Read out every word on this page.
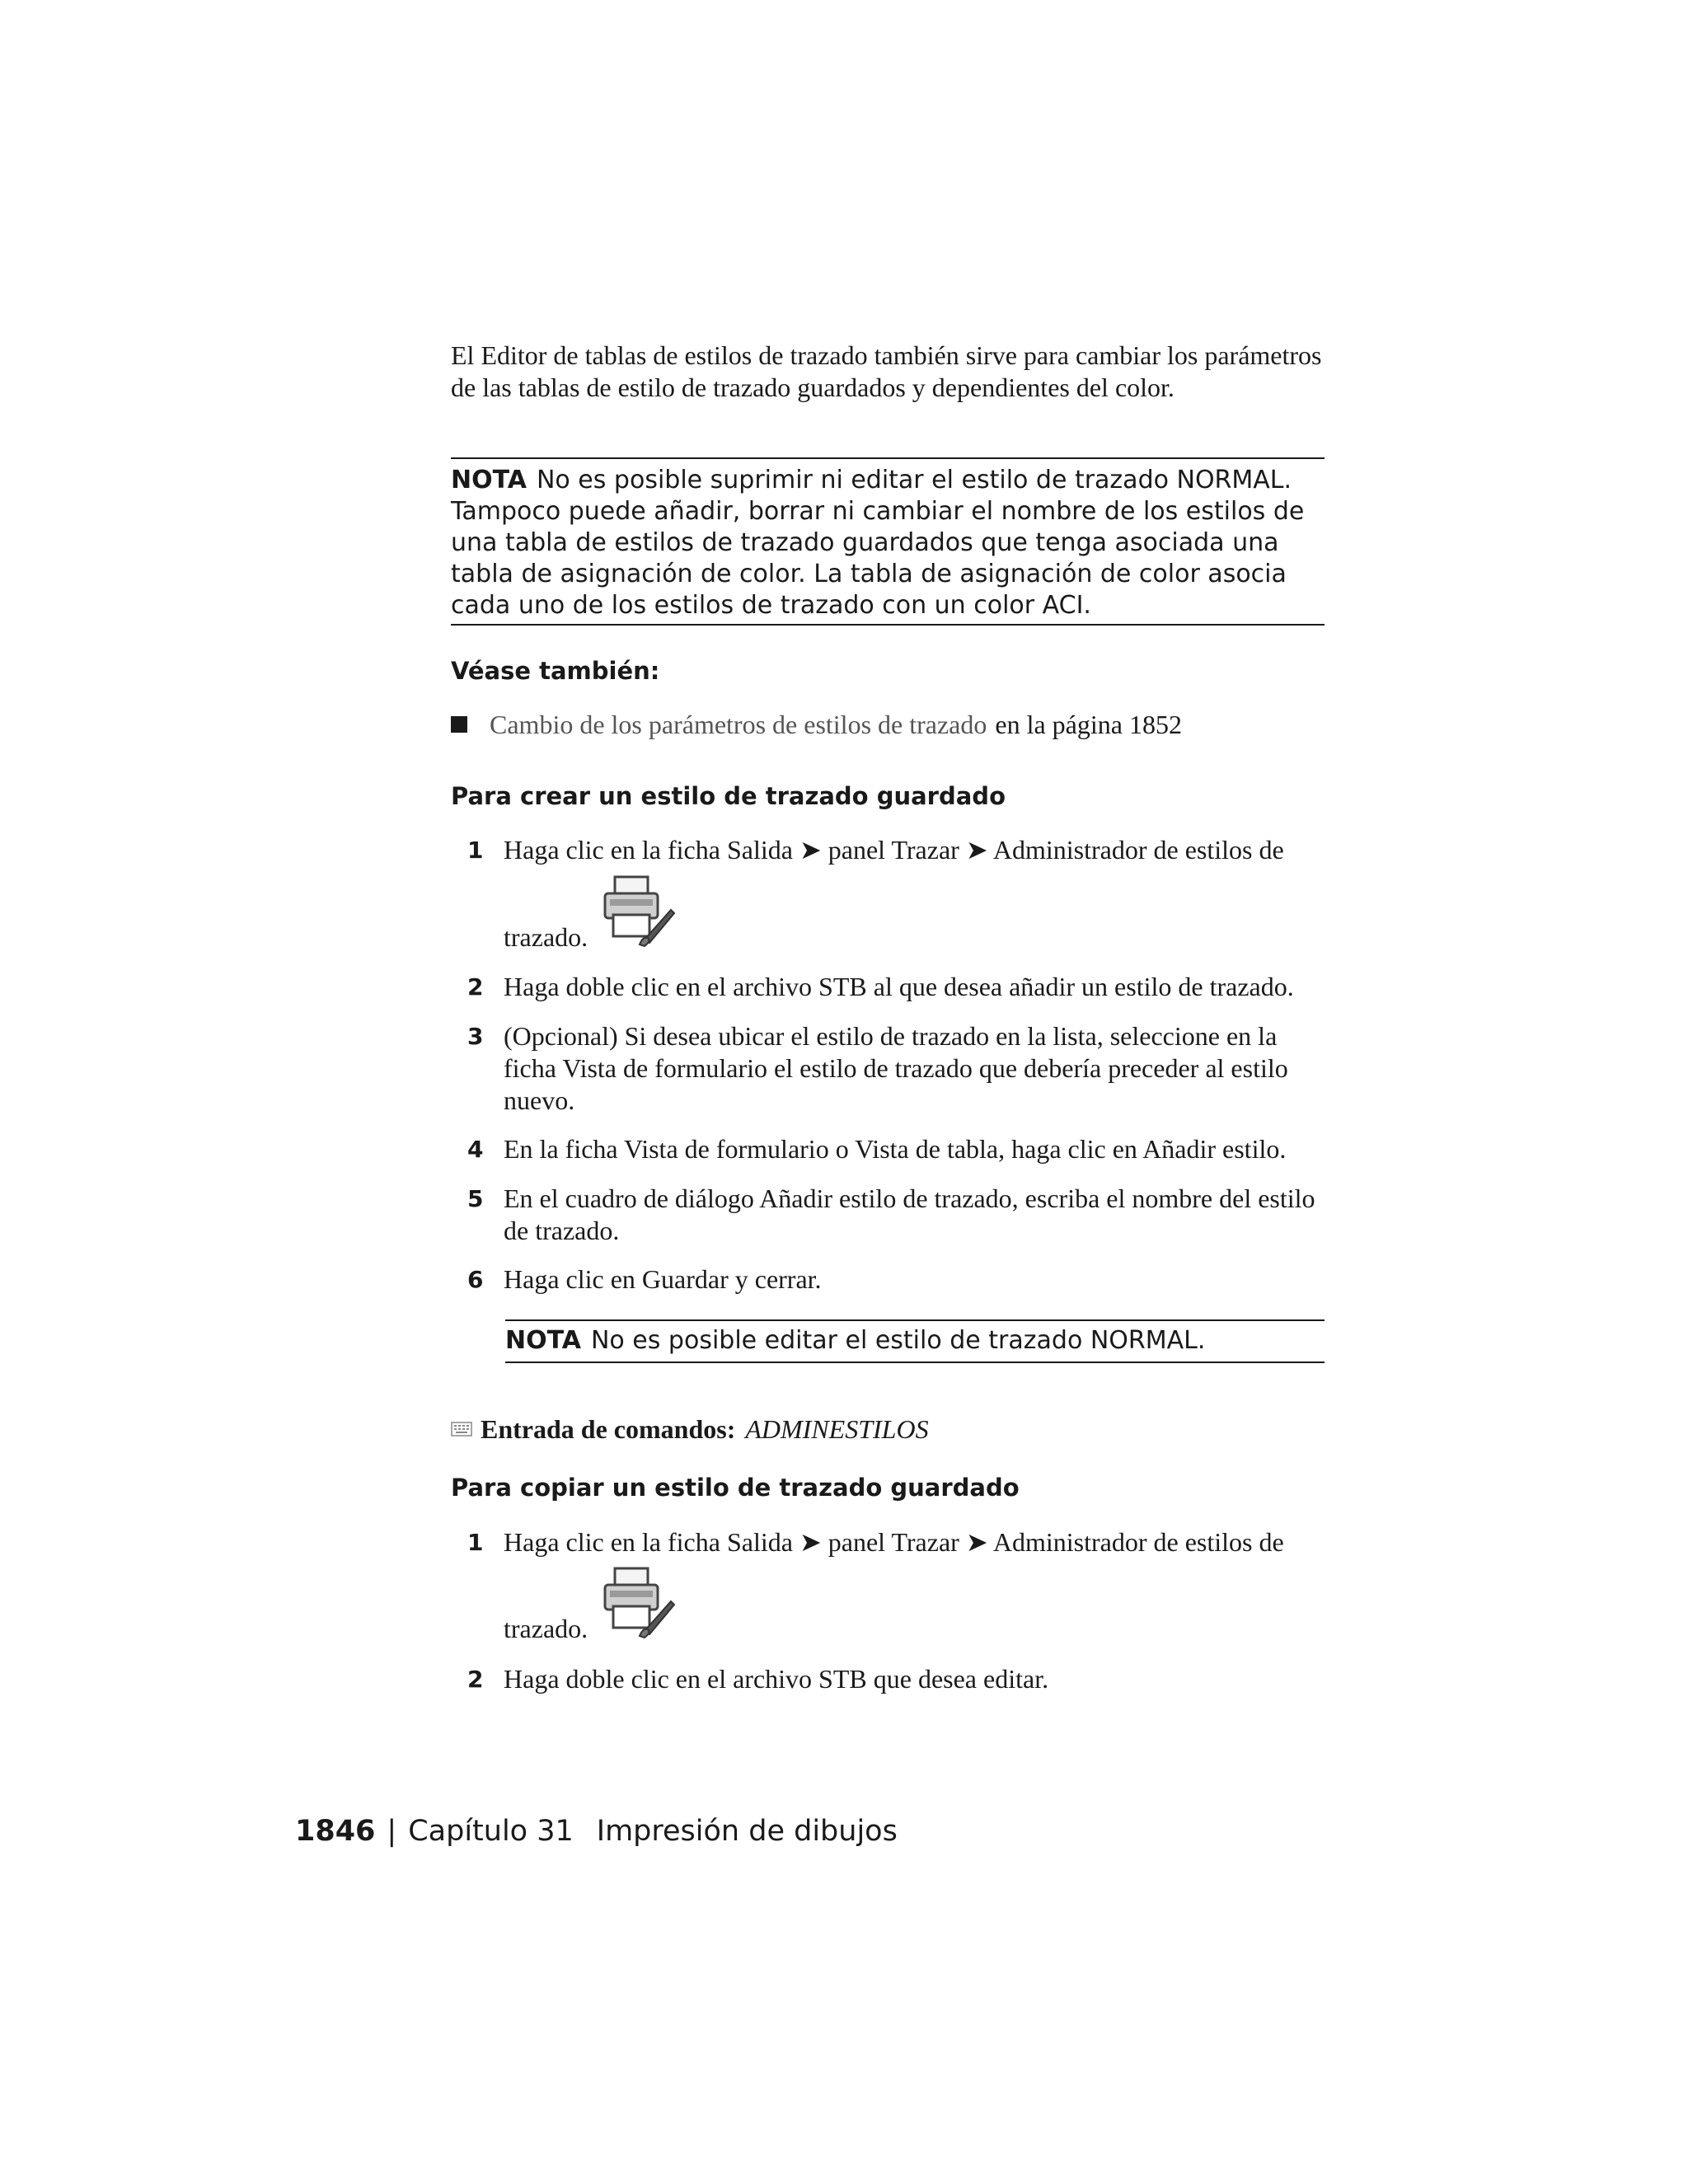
El Editor de tablas de estilos de trazado también sirve para cambiar los parámetros de las tablas de estilo de trazado guardados y dependientes del color.
NOTA No es posible suprimir ni editar el estilo de trazado NORMAL. Tampoco puede añadir, borrar ni cambiar el nombre de los estilos de una tabla de estilos de trazado guardados que tenga asociada una tabla de asignación de color. La tabla de asignación de color asocia cada uno de los estilos de trazado con un color ACI.
Véase también:
Cambio de los parámetros de estilos de trazado en la página 1852
Para crear un estilo de trazado guardado
1 Haga clic en la ficha Salida ➤ panel Trazar ➤ Administrador de estilos de
trazado.
2 Haga doble clic en el archivo STB al que desea añadir un estilo de trazado.
3 (Opcional) Si desea ubicar el estilo de trazado en la lista, seleccione en la ficha Vista de formulario el estilo de trazado que debería preceder al estilo nuevo.
4 En la ficha Vista de formulario o Vista de tabla, haga clic en Añadir estilo.
5 En el cuadro de diálogo Añadir estilo de trazado, escriba el nombre del estilo de trazado.
6 Haga clic en Guardar y cerrar.
NOTA No es posible editar el estilo de trazado NORMAL.
Entrada de comandos: ADMINESTILOS
Para copiar un estilo de trazado guardado
1 Haga clic en la ficha Salida ➤ panel Trazar ➤ Administrador de estilos de
trazado.
2 Haga doble clic en el archivo STB que desea editar.
1846 | Capítulo 31 Impresión de dibujos
